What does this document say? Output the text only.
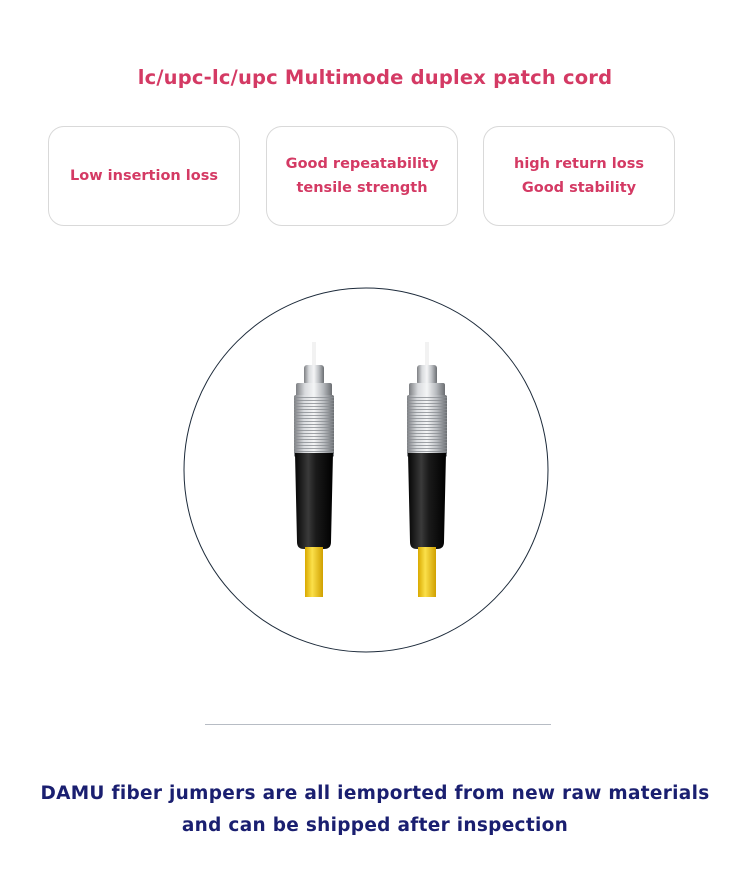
lc/upc-lc/upc Multimode duplex patch cord
Low insertion loss
Good repeatability
tensile strength
high return loss
Good stability
DAMU fiber jumpers are all iemported from new raw materials
and can be shipped after inspection
